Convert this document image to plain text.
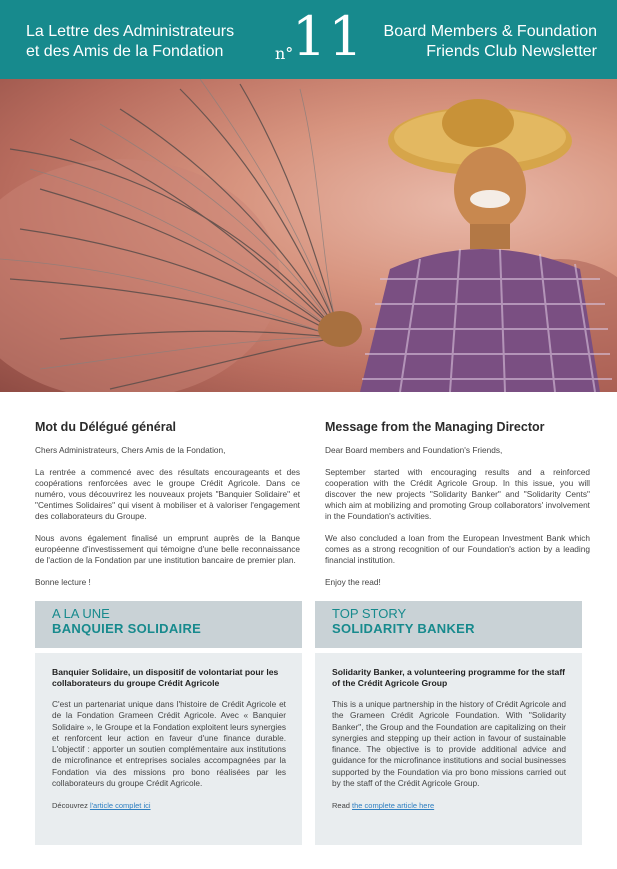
La Lettre des Administrateurs
et des Amis de la Fondation	n°
11 Board Members & Foundation
Friends Club Newsletter
Mot du Délégué général

Chers Administrateurs, Chers Amis de la Fondation,

La rentrée a commencé avec des résultats encourageants et des coopérations renforcées avec le groupe Crédit Agricole. Dans ce numéro, vous découvrirez les nouveaux projets "Banquier Solidaire" et "Centimes Solidaires" qui visent à mobiliser et à valoriser l'engagement des collaborateurs du Groupe.

Nous avons également finalisé un emprunt auprès de la Banque européenne d'investissement qui témoigne d'une belle reconnaissance de l'action de la Fondation par une institution bancaire de premier plan.

Bonne lecture !

Message from the Managing Director

Dear Board members and Foundation's Friends,

September started with encouraging results and a reinforced cooperation with the Crédit Agricole Group. In this issue, you will discover the new projects "Solidarity Banker" and "Solidarity Cents" which aim at mobilizing and promoting Group collaborators' involvement in the Foundation's activities.

We also concluded a loan from the European Investment Bank which comes as a strong recognition of our Foundation's action by a leading financial institution.

Enjoy the read!

A LA UNE
BANQUIER SOLIDAIRE
Banquier Solidaire, un dispositif de volontariat pour les collaborateurs du groupe Crédit Agricole

C'est un partenariat unique dans l'histoire de Crédit Agricole et de la Fondation Grameen Crédit Agricole. Avec « Banquier Solidaire », le Groupe et la Fondation exploitent leurs synergies et renforcent leur action en faveur d'une finance durable. L'objectif : apporter un soutien complémentaire aux institutions de microfinance et entreprises sociales accompagnées par la Fondation via des missions pro bono réalisées par les collaborateurs du groupe Crédit Agricole.

Découvrez l'article complet ici
TOP STORY
SOLIDARITY BANKER
Solidarity Banker, a volunteering programme for the staff of the Crédit Agricole Group

This is a unique partnership in the history of Crédit Agricole and the Grameen Crédit Agricole Foundation. With "Solidarity Banker", the Group and the Foundation are capitalizing on their synergies and stepping up their action in favour of sustainable finance. The objective is to provide additional advice and guidance for the microfinance institutions and social businesses supported by the Foundation via pro bono missions carried out by the staff of the Crédit Agricole Group.

Read the complete article here
